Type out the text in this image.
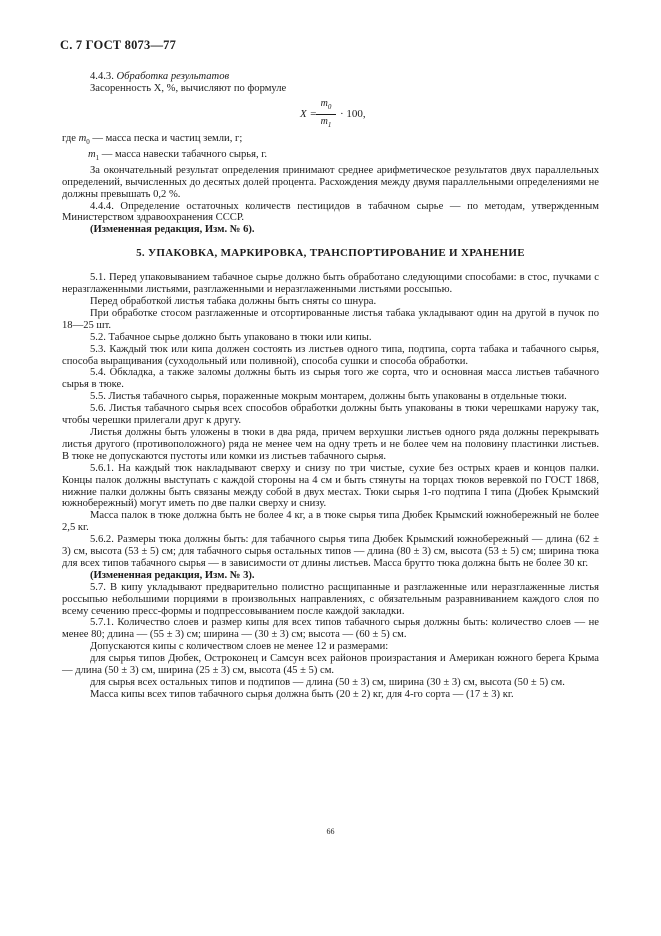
С. 7 ГОСТ 8073—77

4.4.3. Обработка результатов

Засоренность X, %, вычисляют по формуле

X =
$m_0$
$m_1$
· 100,

где $m_0$ — масса песка и частиц земли, г;

$m_1$ — масса навески табачного сырья, г.

За окончательный результат определения принимают среднее арифметическое результатов двух параллельных определений, вычисленных до десятых долей процента. Расхождения между двумя параллельными определениями не должны превышать 0,2 %.

4.4.4. Определение остаточных количеств пестицидов в табачном сырье — по методам, утвержденным Министерством здравоохранения СССР.

(Измененная редакция, Изм. № 6).

5. УПАКОВКА, МАРКИРОВКА, ТРАНСПОРТИРОВАНИЕ И ХРАНЕНИЕ

5.1. Перед упаковыванием табачное сырье должно быть обработано следующими способами: в стос, пучками с неразглаженными листьями, разглаженными и неразглаженными листьями россыпью.

Перед обработкой листья табака должны быть сняты со шнура.

При обработке стосом разглаженные и отсортированные листья табака укладывают один на другой в пучок по 18—25 шт.

5.2. Табачное сырье должно быть упаковано в тюки или кипы.

5.3. Каждый тюк или кипа должен состоять из листьев одного типа, подтипа, сорта табака и табачного сырья, способа выращивания (суходольный или поливной), способа сушки и способа обработки.

5.4. Обкладка, а также заломы должны быть из сырья того же сорта, что и основная масса листьев табачного сырья в тюке.

5.5. Листья табачного сырья, пораженные мокрым монтарем, должны быть упакованы в отдельные тюки.

5.6. Листья табачного сырья всех способов обработки должны быть упакованы в тюки черешками наружу так, чтобы черешки прилегали друг к другу.

Листья должны быть уложены в тюки в два ряда, причем верхушки листьев одного ряда должны перекрывать листья другого (противоположного) ряда не менее чем на одну треть и не более чем на половину пластинки листьев. В тюке не допускаются пустоты или комки из листьев табачного сырья.

5.6.1. На каждый тюк накладывают сверху и снизу по три чистые, сухие без острых краев и концов палки. Концы палок должны выступать с каждой стороны на 4 см и быть стянуты на торцах тюков веревкой по ГОСТ 1868, нижние палки должны быть связаны между собой в двух местах. Тюки сырья 1-го подтипа I типа (Дюбек Крымский южнобережный) могут иметь по две палки сверху и снизу.

Масса палок в тюке должна быть не более 4 кг, а в тюке сырья типа Дюбек Крымский южнобережный не более 2,5 кг.

5.6.2. Размеры тюка должны быть: для табачного сырья типа Дюбек Крымский южнобережный — длина (62 ± 3) см, высота (53 ± 5) см; для табачного сырья остальных типов — длина (80 ± 3) см, высота (53 ± 5) см; ширина тюка для всех типов табачного сырья — в зависимости от длины листьев. Масса брутто тюка должна быть не более 30 кг.

(Измененная редакция, Изм. № 3).

5.7. В кипу укладывают предварительно полистно расщипанные и разглаженные или неразглаженные листья россыпью небольшими порциями в произвольных направлениях, с обязательным разравниванием каждого слоя по всему сечению пресс-формы и подпрессовыванием после каждой закладки.

5.7.1. Количество слоев и размер кипы для всех типов табачного сырья должны быть: количество слоев — не менее 80; длина — (55 ± 3) см; ширина — (30 ± 3) см; высота — (60 ± 5) см.

Допускаются кипы с количеством слоев не менее 12 и размерами:

для сырья типов Дюбек, Остроконец и Самсун всех районов произрастания и Американ южного берега Крыма — длина (50 ± 3) см, ширина (25 ± 3) см, высота (45 ± 5) см.

для сырья всех остальных типов и подтипов — длина (50 ± 3) см, ширина (30 ± 3) см, высота (50 ± 5) см.

Масса кипы всех типов табачного сырья должна быть (20 ± 2) кг, для 4-го сорта — (17 ± 3) кг.

66
